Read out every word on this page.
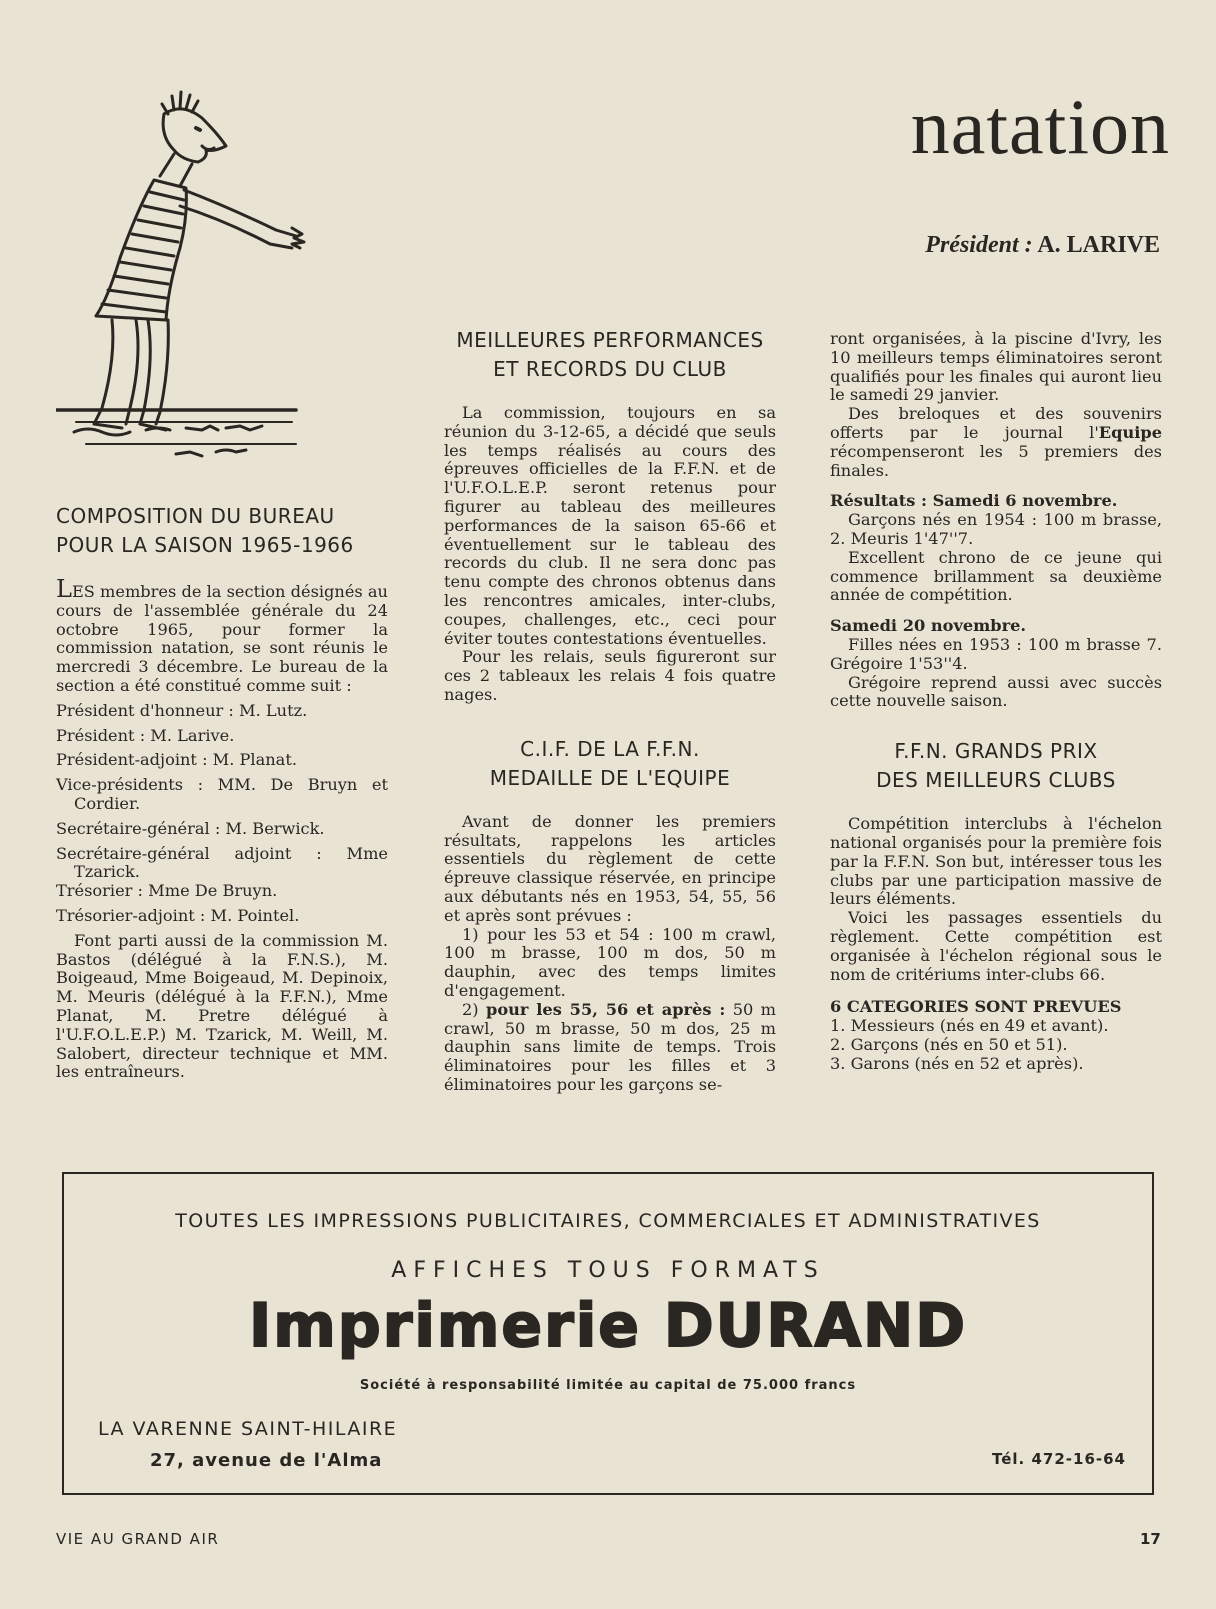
natation
Président : A. LARIVE
COMPOSITION DU BUREAU
POUR LA SAISON 1965-1966

LES membres de la section désignés au cours de l'assemblée générale du 24 octobre 1965, pour former la commission natation, se sont réunis le mercredi 3 décembre. Le bureau de la section a été constitué comme suit :

Président d'honneur : M. Lutz.

Président : M. Larive.

Président-adjoint : M. Planat.

Vice-présidents : MM. De Bruyn et Cordier.

Secrétaire-général : M. Berwick.

Secrétaire-général adjoint : Mme Tzarick.

Trésorier : Mme De Bruyn.

Trésorier-adjoint : M. Pointel.

Font parti aussi de la commission M. Bastos (délégué à la F.N.S.), M. Boigeaud, Mme Boigeaud, M. Depinoix, M. Meuris (délégué à la F.F.N.), Mme Planat, M. Pretre délégué à l'U.F.O.L.E.P.) M. Tzarick, M. Weill, M. Salobert, directeur technique et MM. les entraîneurs.

MEILLEURES PERFORMANCES
ET RECORDS DU CLUB

La commission, toujours en sa réunion du 3-12-65, a décidé que seuls les temps réalisés au cours des épreuves officielles de la F.F.N. et de l'U.F.O.L.E.P. seront retenus pour figurer au tableau des meilleures performances de la saison 65-66 et éventuellement sur le tableau des records du club. Il ne sera donc pas tenu compte des chronos obtenus dans les rencontres amicales, inter-clubs, coupes, challenges, etc., ceci pour éviter toutes contestations éventuelles.

Pour les relais, seuls figureront sur ces 2 tableaux les relais 4 fois quatre nages.

C.I.F. DE LA F.F.N.
MEDAILLE DE L'EQUIPE

Avant de donner les premiers résultats, rappelons les articles essentiels du règlement de cette épreuve classique réservée, en principe aux débutants nés en 1953, 54, 55, 56 et après sont prévues :

1) pour les 53 et 54 : 100 m crawl, 100 m brasse, 100 m dos, 50 m dauphin, avec des temps limites d'engagement.

2) pour les 55, 56 et après : 50 m crawl, 50 m brasse, 50 m dos, 25 m dauphin sans limite de temps. Trois éliminatoires pour les filles et 3 éliminatoires pour les garçons se-

ront organisées, à la piscine d'Ivry, les 10 meilleurs temps éliminatoires seront qualifiés pour les finales qui auront lieu le samedi 29 janvier.

Des breloques et des souvenirs offerts par le journal l'Equipe récompenseront les 5 premiers des finales.

Résultats : Samedi 6 novembre.

Garçons nés en 1954 : 100 m brasse, 2. Meuris 1'47''7.

Excellent chrono de ce jeune qui commence brillamment sa deuxième année de compétition.

Samedi 20 novembre.

Filles nées en 1953 : 100 m brasse 7. Grégoire 1'53''4.

Grégoire reprend aussi avec succès cette nouvelle saison.

F.F.N. GRANDS PRIX
DES MEILLEURS CLUBS

Compétition interclubs à l'échelon national organisés pour la première fois par la F.F.N. Son but, intéresser tous les clubs par une participation massive de leurs éléments.

Voici les passages essentiels du règlement. Cette compétition est organisée à l'échelon régional sous le nom de critériums inter-clubs 66.

6 CATEGORIES SONT PREVUES

1. Messieurs (nés en 49 et avant).

2. Garçons (nés en 50 et 51).

3. Garons (nés en 52 et après).

TOUTES LES IMPRESSIONS PUBLICITAIRES, COMMERCIALES ET ADMINISTRATIVES
AFFICHES TOUS FORMATS
Imprimerie DURAND
Société à responsabilité limitée au capital de 75.000 francs
LA VARENNE SAINT-HILAIRE
27, avenue de l'Alma	Tél. 472-16-64
VIE AU GRAND AIR	17
